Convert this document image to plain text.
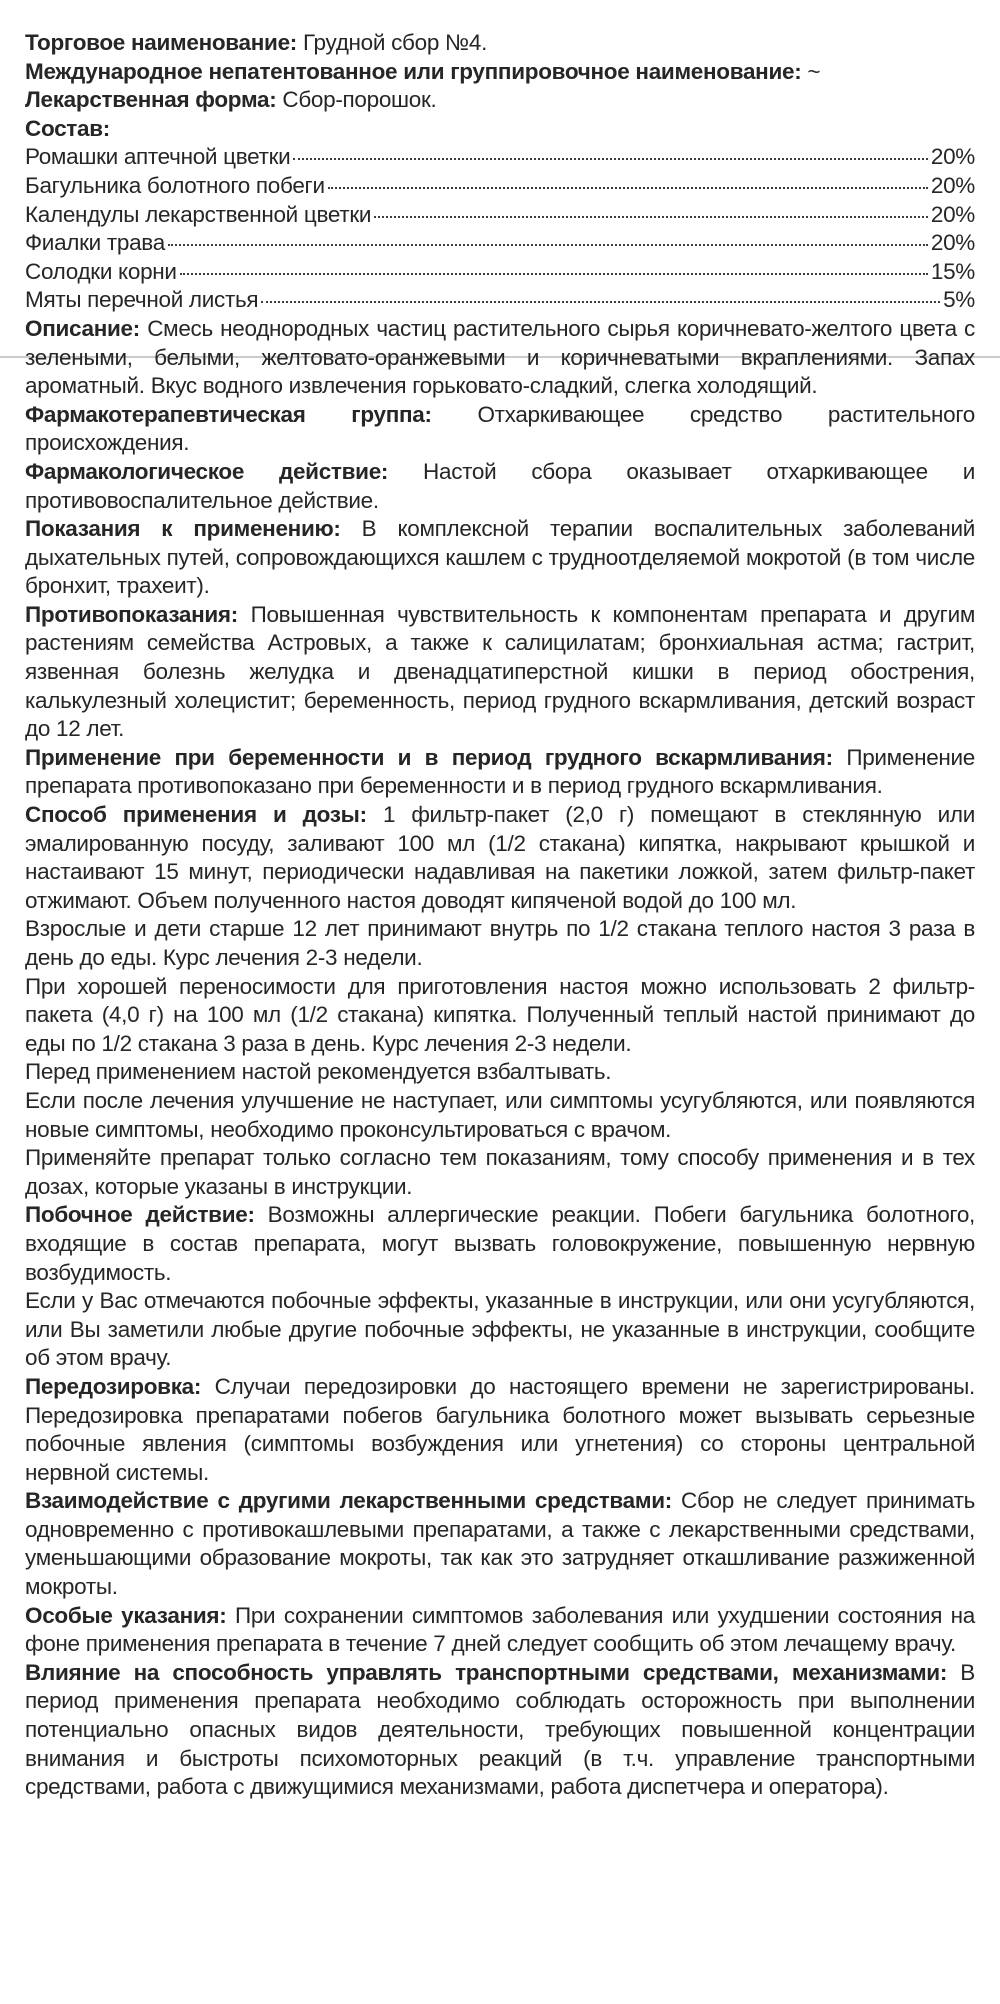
Торговое наименование: Грудной сбор №4.

Международное непатентованное или группировочное наименование: ~

Лекарственная форма: Сбор-порошок.

Состав:

Ромашки аптечной цветки	20%
Багульника болотного побеги	20%
Календулы лекарственной цветки	20%
Фиалки трава	20%
Солодки корни	15%
Мяты перечной листья	5%

Описание: Смесь неоднородных частиц растительного сырья коричневато-желтого цвета с зелеными, белыми, желтовато-оранжевыми и коричневатыми вкраплениями. Запах ароматный. Вкус водного извлечения горьковато-сладкий, слегка холодящий.

Фармакотерапевтическая группа: Отхаркивающее средство растительного происхождения.

Фармакологическое действие: Настой сбора оказывает отхаркивающее и противовоспалительное действие.

Показания к применению: В комплексной терапии воспалительных заболеваний дыхательных путей, сопровождающихся кашлем с трудноотделяемой мокротой (в том числе бронхит, трахеит).

Противопоказания: Повышенная чувствительность к компонентам препарата и другим растениям семейства Астровых, а также к салицилатам; бронхиальная астма; гастрит, язвенная болезнь желудка и двенадцатиперстной кишки в период обострения, калькулезный холецистит; беременность, период грудного вскармливания, детский возраст до 12 лет.

Применение при беременности и в период грудного вскармливания: Применение препарата противопоказано при беременности и в период грудного вскармливания.

Способ применения и дозы: 1 фильтр-пакет (2,0 г) помещают в стеклянную или эмалированную посуду, заливают 100 мл (1/2 стакана) кипятка, накрывают крышкой и настаивают 15 минут, периодически надавливая на пакетики ложкой, затем фильтр-пакет отжимают. Объем полученного настоя доводят кипяченой водой до 100 мл.

Взрослые и дети старше 12 лет принимают внутрь по 1/2 стакана теплого настоя 3 раза в день до еды. Курс лечения 2-3 недели.

При хорошей переносимости для приготовления настоя можно использовать 2 фильтр-пакета (4,0 г) на 100 мл (1/2 стакана) кипятка. Полученный теплый настой принимают до еды по 1/2 стакана 3 раза в день. Курс лечения 2-3 недели.

Перед применением настой рекомендуется взбалтывать.

Если после лечения улучшение не наступает, или симптомы усугубляются, или появляются новые симптомы, необходимо проконсультироваться с врачом.

Применяйте препарат только согласно тем показаниям, тому способу применения и в тех дозах, которые указаны в инструкции.

Побочное действие: Возможны аллергические реакции. Побеги багульника болотного, входящие в состав препарата, могут вызвать головокружение, повышенную нервную возбудимость.

Если у Вас отмечаются побочные эффекты, указанные в инструкции, или они усугубляются, или Вы заметили любые другие побочные эффекты, не указанные в инструкции, сообщите об этом врачу.

Передозировка: Случаи передозировки до настоящего времени не зарегистрированы. Передозировка препаратами побегов багульника болотного может вызывать серьезные побочные явления (симптомы возбуждения или угнетения) со стороны центральной нервной системы.

Взаимодействие с другими лекарственными средствами: Сбор не следует принимать одновременно с противокашлевыми препаратами, а также с лекарственными средствами, уменьшающими образование мокроты, так как это затрудняет откашливание разжиженной мокроты.

Особые указания: При сохранении симптомов заболевания или ухудшении состояния на фоне применения препарата в течение 7 дней следует сообщить об этом лечащему врачу.

Влияние на способность управлять транспортными средствами, механизмами: В период применения препарата необходимо соблюдать осторожность при выполнении потенциально опасных видов деятельности, требующих повышенной концентрации внимания и быстроты психомоторных реакций (в т.ч. управление транспортными средствами, работа с движущимися механизмами, работа диспетчера и оператора).
